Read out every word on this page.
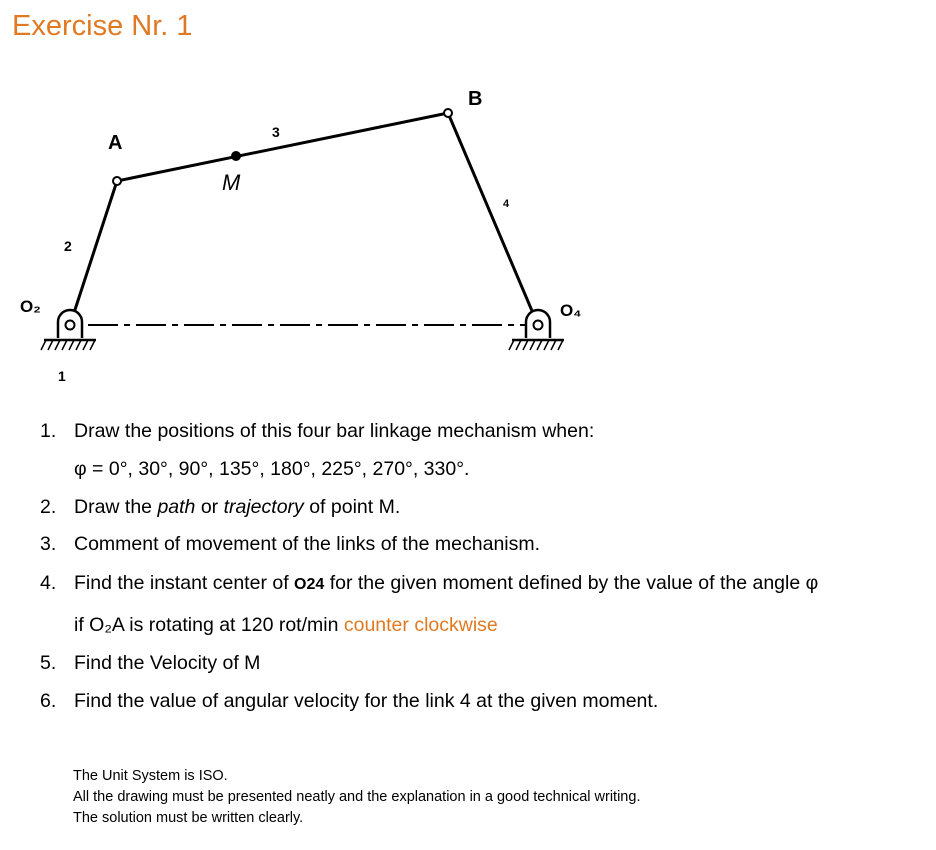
Exercise Nr. 1
A
B
M
1
2
3
4
O₂	O₄
1. Draw the positions of this four bar linkage mechanism when:
φ = 0°, 30°, 90°, 135°, 180°, 225°, 270°, 330°.
2. Draw the path or trajectory of point M.
3. Comment of movement of the links of the mechanism.
4. Find the instant center of O24 for the given moment defined by the value of the angle φ
if O₂A is rotating at 120 rot/min counter clockwise
5. Find the Velocity of M
6. Find the value of angular velocity for the link 4 at the given moment.
The Unit System is ISO.
All the drawing must be presented neatly and the explanation in a good technical writing.
The solution must be written clearly.
